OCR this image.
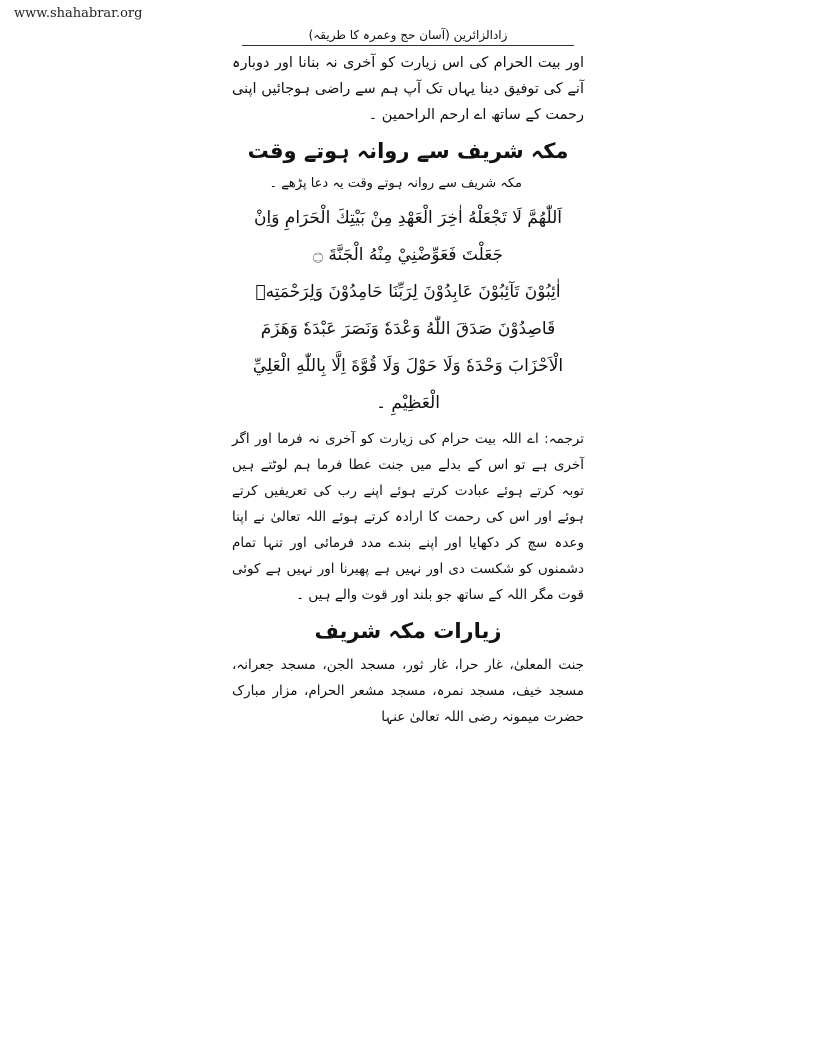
www.shahabrar.org
زادالزائرین (آسان حج وعمرہ کا طریقہ)
اور بیت الحرام کی اس زیارت کو آخری نہ بنانا اور دوبارہ آنے کی توفیق دینا یہاں تک آپ ہم سے راضی ہوجائیں اپنی رحمت کے ساتھ اے ارحم الراحمین ۔
مکہ شریف سے روانہ ہوتے وقت
مکہ شریف سے روانہ ہوتے وقت یہ دعا پڑھے ۔
اَللّٰهُمَّ لَا تَجْعَلْهُ اٰخِرَ الْعَهْدِ مِنْ بَيْتِكَ الْحَرَامِ وَاِنْ
جَعَلْتَ فَعَوِّضْنِيْ مِنْهُ الْجَنَّةَ ۝
اٰئِبُوْنَ تَآئِبُوْنَ عَابِدُوْنَ لِرَبِّنَا حَامِدُوْنَ وَلِرَحْمَتِهٖ
قَاصِدُوْنَ صَدَقَ اللّٰهُ وَعْدَهٗ وَنَصَرَ عَبْدَهٗ وَهَزَمَ
الْاَحْزَابَ وَحْدَهٗ وَلَا حَوْلَ وَلَا قُوَّةَ اِلَّا بِاللّٰهِ الْعَلِيِّ
الْعَظِيْمِ ۔
ترجمہ: اے اللہ بیت حرام کی زیارت کو آخری نہ فرما اور اگر آخری ہے تو اس کے بدلے میں جنت عطا فرما ہم لوٹتے ہیں توبہ کرتے ہوئے عبادت کرتے ہوئے اپنے رب کی تعریفیں کرتے ہوئے اور اس کی رحمت کا ارادہ کرتے ہوئے اللہ تعالیٰ نے اپنا وعدہ سچ کر دکھایا اور اپنے بندے مدد فرمائی اور تنہا تمام دشمنوں کو شکست دی اور نہیں ہے پھیرنا اور نہیں ہے کوئی قوت مگر اللہ کے ساتھ جو بلند اور قوت والے ہیں ۔
زیارات مکہ شریف
جنت المعلیٰ، غار حرا، غار ثور، مسجد الجن، مسجد جعرانہ، مسجد خیف، مسجد نمرہ، مسجد مشعر الحرام، مزار مبارک حضرت میمونہ رضی اللہ تعالیٰ عنہا
